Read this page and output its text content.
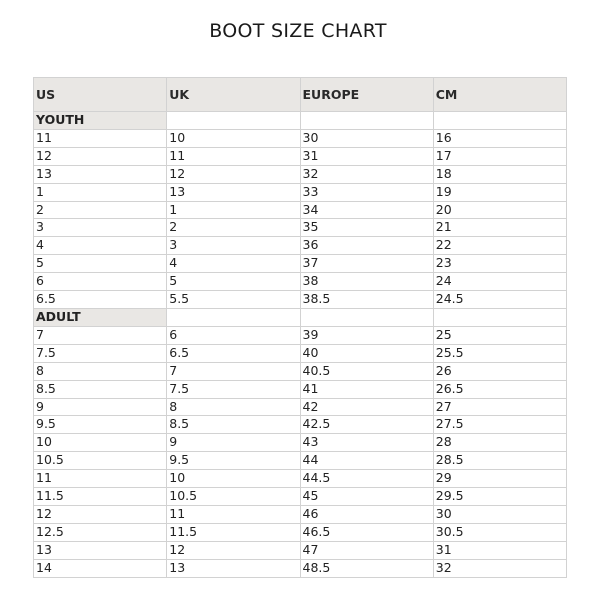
BOOT SIZE CHART
US	UK	EUROPE	CM
YOUTH			
11	10	30	16
12	11	31	17
13	12	32	18
1	13	33	19
2	1	34	20
3	2	35	21
4	3	36	22
5	4	37	23
6	5	38	24
6.5	5.5	38.5	24.5
ADULT			
7	6	39	25
7.5	6.5	40	25.5
8	7	40.5	26
8.5	7.5	41	26.5
9	8	42	27
9.5	8.5	42.5	27.5
10	9	43	28
10.5	9.5	44	28.5
11	10	44.5	29
11.5	10.5	45	29.5
12	11	46	30
12.5	11.5	46.5	30.5
13	12	47	31
14	13	48.5	32
